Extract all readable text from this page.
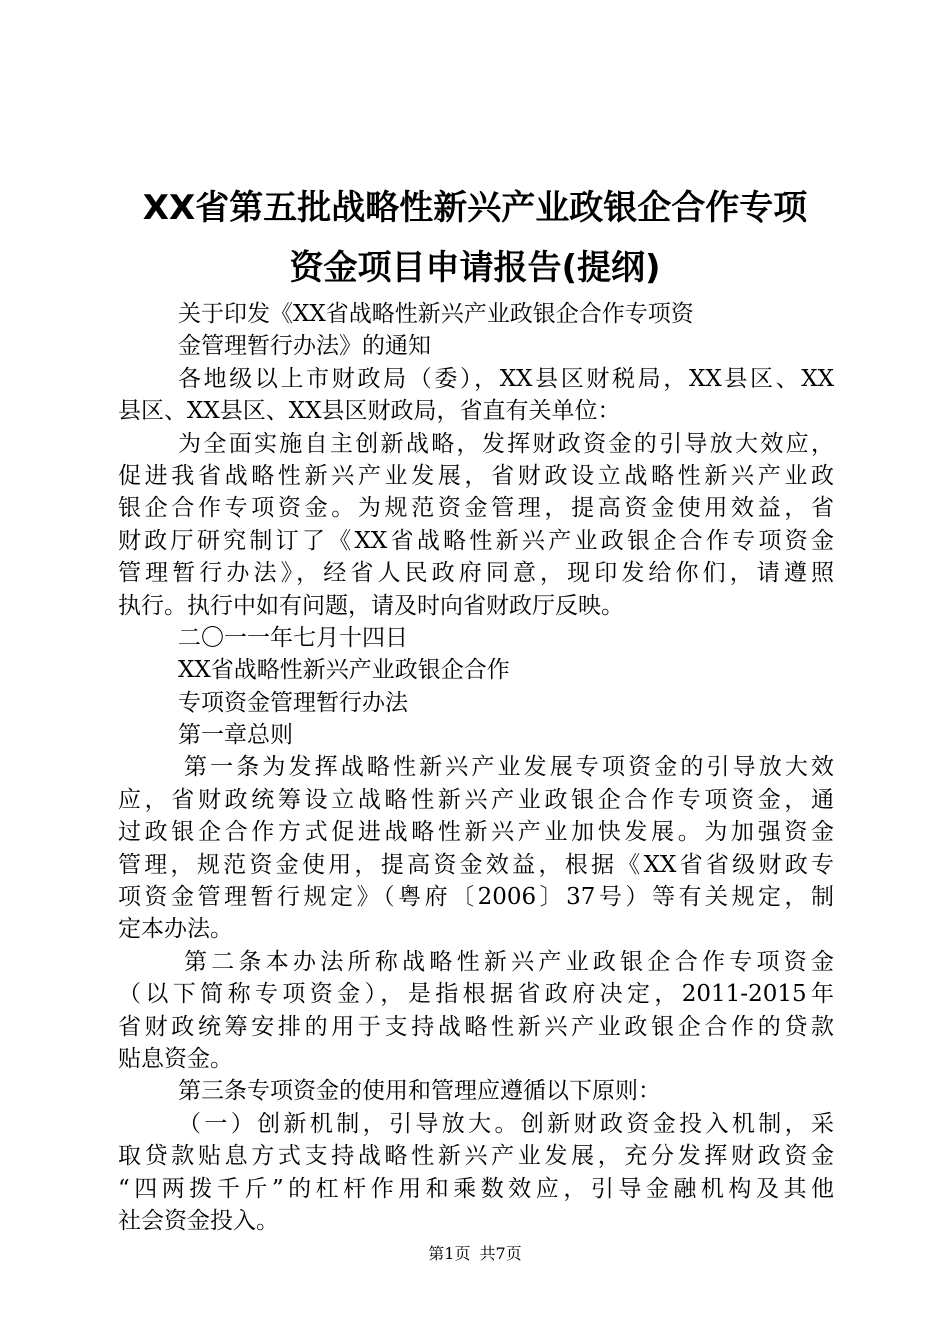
XX省第五批战略性新兴产业政银企合作专项
资金项目申请报告(提纲)
关于印发《XX省战略性新兴产业政银企合作专项资
金管理暂行办法》的通知
各地级以上市财政局（委），XX县区财税局，XX县区、XX
县区、XX县区、XX县区财政局，省直有关单位：
为全面实施自主创新战略，发挥财政资金的引导放大效应，
促进我省战略性新兴产业发展，省财政设立战略性新兴产业政
银企合作专项资金。为规范资金管理，提高资金使用效益，省
财政厅研究制订了《XX省战略性新兴产业政银企合作专项资金
管理暂行办法》，经省人民政府同意，现印发给你们，请遵照
执行。执行中如有问题，请及时向省财政厅反映。
二〇一一年七月十四日
XX省战略性新兴产业政银企合作
专项资金管理暂行办法
第一章总则
第一条为发挥战略性新兴产业发展专项资金的引导放大效
应，省财政统筹设立战略性新兴产业政银企合作专项资金，通
过政银企合作方式促进战略性新兴产业加快发展。为加强资金
管理，规范资金使用，提高资金效益，根据《XX省省级财政专
项资金管理暂行规定》（粤府〔2006〕37号）等有关规定，制
定本办法。
第二条本办法所称战略性新兴产业政银企合作专项资金
（以下简称专项资金），是指根据省政府决定，2011-2015年
省财政统筹安排的用于支持战略性新兴产业政银企合作的贷款
贴息资金。
第三条专项资金的使用和管理应遵循以下原则：
（一）创新机制，引导放大。创新财政资金投入机制，采
取贷款贴息方式支持战略性新兴产业发展，充分发挥财政资金
“四两拨千斤”的杠杆作用和乘数效应，引导金融机构及其他
社会资金投入。
第1页 共7页
